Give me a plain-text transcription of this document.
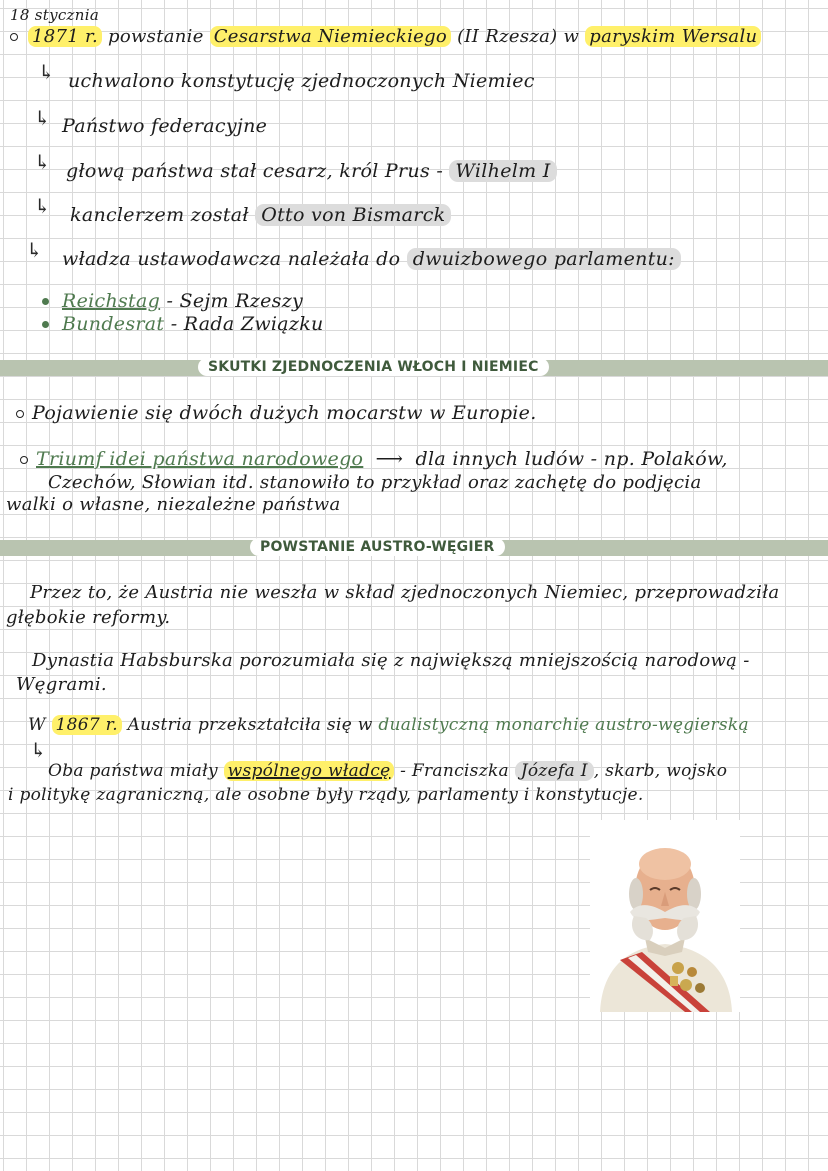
18 stycznia
1871 r. powstanie Cesarstwa Niemieckiego (II Rzesza) w paryskim Wersalu
↳ uchwalono konstytucję zjednoczonych Niemiec
↳ Państwo federacyjne
↳ głową państwa stał cesarz, król Prus - Wilhelm I
↳ kanclerzem został Otto von Bismarck
↳ władza ustawodawcza należała do dwuizbowego parlamentu:
Reichstag - Sejm Rzeszy
Bundesrat - Rada Związku
SKUTKI ZJEDNOCZENIA WŁOCH I NIEMIEC
Pojawienie się dwóch dużych mocarstw w Europie.
Triumf idei państwa narodowego ⟶ dla innych ludów - np. Polaków,
Czechów, Słowian itd. stanowiło to przykład oraz zachętę do podjęcia
walki o własne, niezależne państwa
POWSTANIE AUSTRO-WĘGIER
Przez to, że Austria nie weszła w skład zjednoczonych Niemiec, przeprowadziła
głębokie reformy.
Dynastia Habsburska porozumiała się z największą mniejszością narodową -
Węgrami.
W 1867 r. Austria przekształciła się w dualistyczną monarchię austro-węgierską
↳
Oba państwa miały wspólnego władcę - Franciszka Józefa I , skarb, wojsko
i politykę zagraniczną, ale osobne były rządy, parlamenty i konstytucje.
